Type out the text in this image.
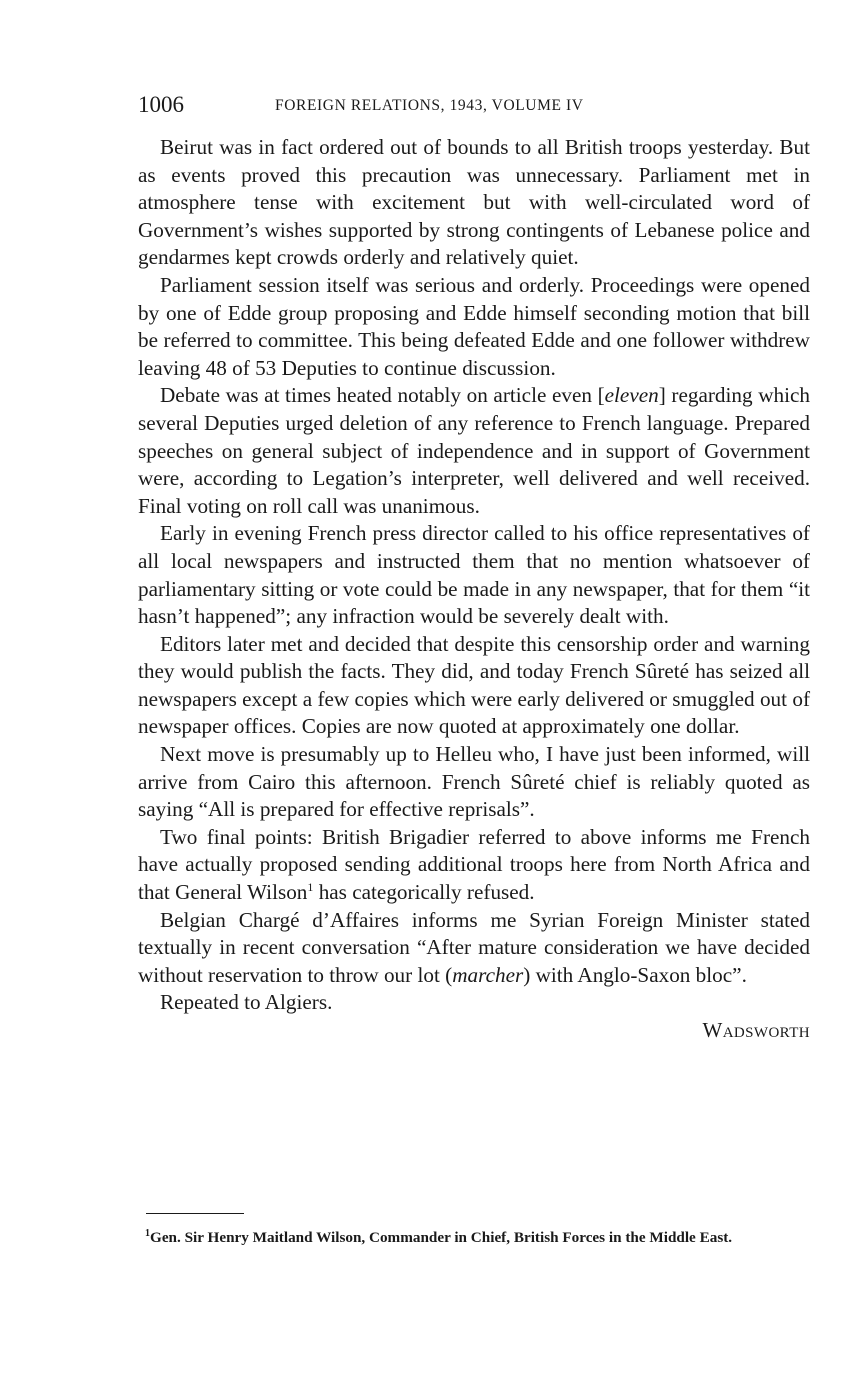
1006	FOREIGN RELATIONS, 1943, VOLUME IV

Beirut was in fact ordered out of bounds to all British troops yesterday. But as events proved this precaution was unnecessary. Parliament met in atmosphere tense with excitement but with well-circulated word of Government’s wishes supported by strong contingents of Lebanese police and gendarmes kept crowds orderly and relatively quiet.

Parliament session itself was serious and orderly. Proceedings were opened by one of Edde group proposing and Edde himself seconding motion that bill be referred to committee. This being defeated Edde and one follower withdrew leaving 48 of 53 Deputies to continue discussion.

Debate was at times heated notably on article even [eleven] regarding which several Deputies urged deletion of any reference to French language. Prepared speeches on general subject of independence and in support of Government were, according to Legation’s interpreter, well delivered and well received. Final voting on roll call was unanimous.

Early in evening French press director called to his office representatives of all local newspapers and instructed them that no mention whatsoever of parliamentary sitting or vote could be made in any newspaper, that for them “it hasn’t happened”; any infraction would be severely dealt with.

Editors later met and decided that despite this censorship order and warning they would publish the facts. They did, and today French Sûreté has seized all newspapers except a few copies which were early delivered or smuggled out of newspaper offices. Copies are now quoted at approximately one dollar.

Next move is presumably up to Helleu who, I have just been informed, will arrive from Cairo this afternoon. French Sûreté chief is reliably quoted as saying “All is prepared for effective reprisals”.

Two final points: British Brigadier referred to above informs me French have actually proposed sending additional troops here from North Africa and that General Wilson$^1$ has categorically refused.

Belgian Chargé d’Affaires informs me Syrian Foreign Minister stated textually in recent conversation “After mature consideration we have decided without reservation to throw our lot (marcher) with Anglo-Saxon bloc”.

Repeated to Algiers.

Wadsworth

$^1$Gen. Sir Henry Maitland Wilson, Commander in Chief, British Forces in the Middle East.
